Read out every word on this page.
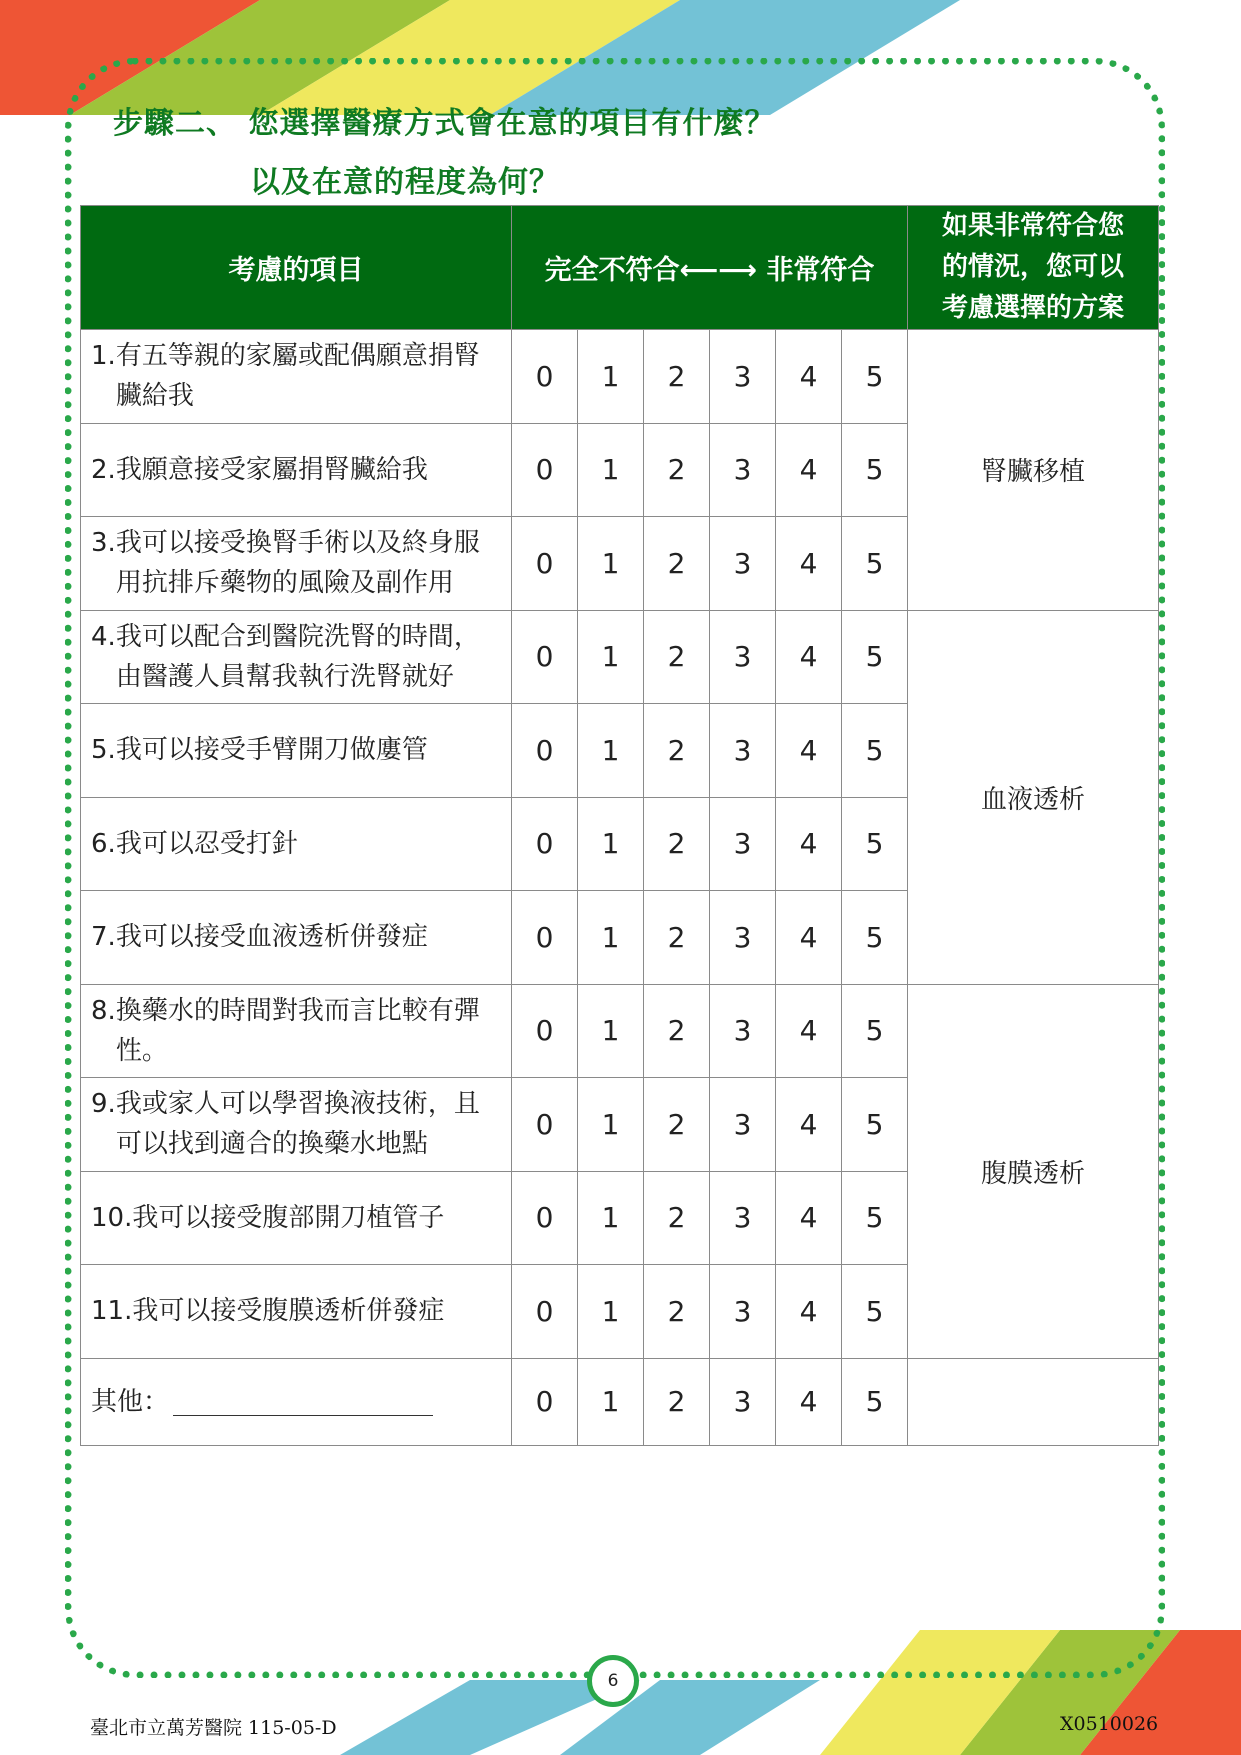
步驟二、 您選擇醫療方式會在意的項目有什麼？
以及在意的程度為何？
考慮的項目	完全不符合⟵⟶ 非常符合						如果非常符合您
的情況，您可以
考慮選擇的方案

1. 有五等親的家屬或配偶願意捐腎臟給我	0	1	2	3	4	5	腎臟移植

2. 我願意接受家屬捐腎臟給我	0	1	2	3	4	5	

3. 我可以接受換腎手術以及終身服用抗排斥藥物的風險及副作用	0	1	2	3	4	5	

4. 我可以配合到醫院洗腎的時間，由醫護人員幫我執行洗腎就好	0	1	2	3	4	5	血液透析

5. 我可以接受手臂開刀做廔管	0	1	2	3	4	5	

6. 我可以忍受打針	0	1	2	3	4	5	

7. 我可以接受血液透析併發症	0	1	2	3	4	5	

8. 換藥水的時間對我而言比較有彈性。	0	1	2	3	4	5	腹膜透析

9. 我或家人可以學習換液技術，且可以找到適合的換藥水地點	0	1	2	3	4	5	

10. 我可以接受腹部開刀植管子	0	1	2	3	4	5	

11. 我可以接受腹膜透析併發症	0	1	2	3	4	5	
其他：	0	1	2	3	4	5	
6
臺北市立萬芳醫院 115-05-D	X0510026
